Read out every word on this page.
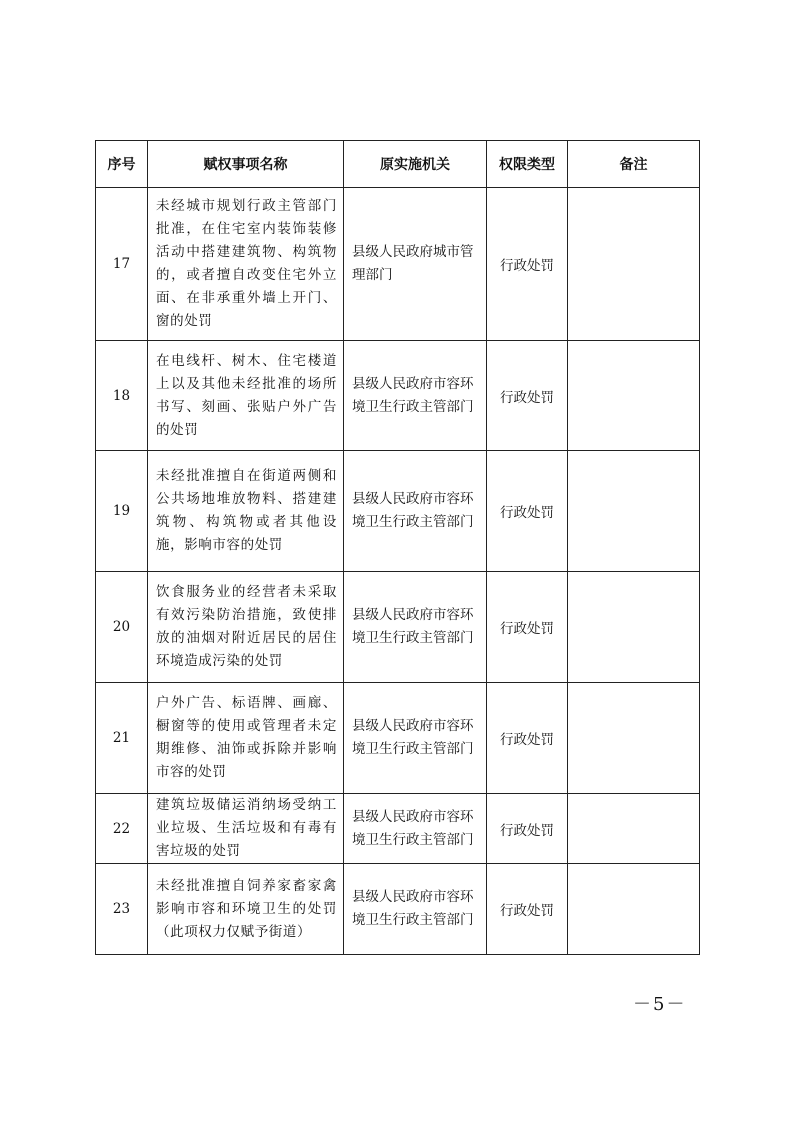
序号	赋权事项名称	原实施机关	权限类型	备注
17	未经城市规划行政主管部门批准，在住宅室内装饰装修活动中搭建建筑物、构筑物的，或者擅自改变住宅外立面、在非承重外墙上开门、窗的处罚	县级人民政府城市管理部门	行政处罚	
18	在电线杆、树木、住宅楼道上以及其他未经批准的场所书写、刻画、张贴户外广告的处罚	县级人民政府市容环境卫生行政主管部门	行政处罚	
19	未经批准擅自在街道两侧和公共场地堆放物料、搭建建筑物、构筑物或者其他设施，影响市容的处罚	县级人民政府市容环境卫生行政主管部门	行政处罚	
20	饮食服务业的经营者未采取有效污染防治措施，致使排放的油烟对附近居民的居住环境造成污染的处罚	县级人民政府市容环境卫生行政主管部门	行政处罚	
21	户外广告、标语牌、画廊、橱窗等的使用或管理者未定期维修、油饰或拆除并影响市容的处罚	县级人民政府市容环境卫生行政主管部门	行政处罚	
22	建筑垃圾储运消纳场受纳工业垃圾、生活垃圾和有毒有害垃圾的处罚	县级人民政府市容环境卫生行政主管部门	行政处罚	
23	未经批准擅自饲养家畜家禽影响市容和环境卫生的处罚（此项权力仅赋予街道）	县级人民政府市容环境卫生行政主管部门	行政处罚	
－5－
